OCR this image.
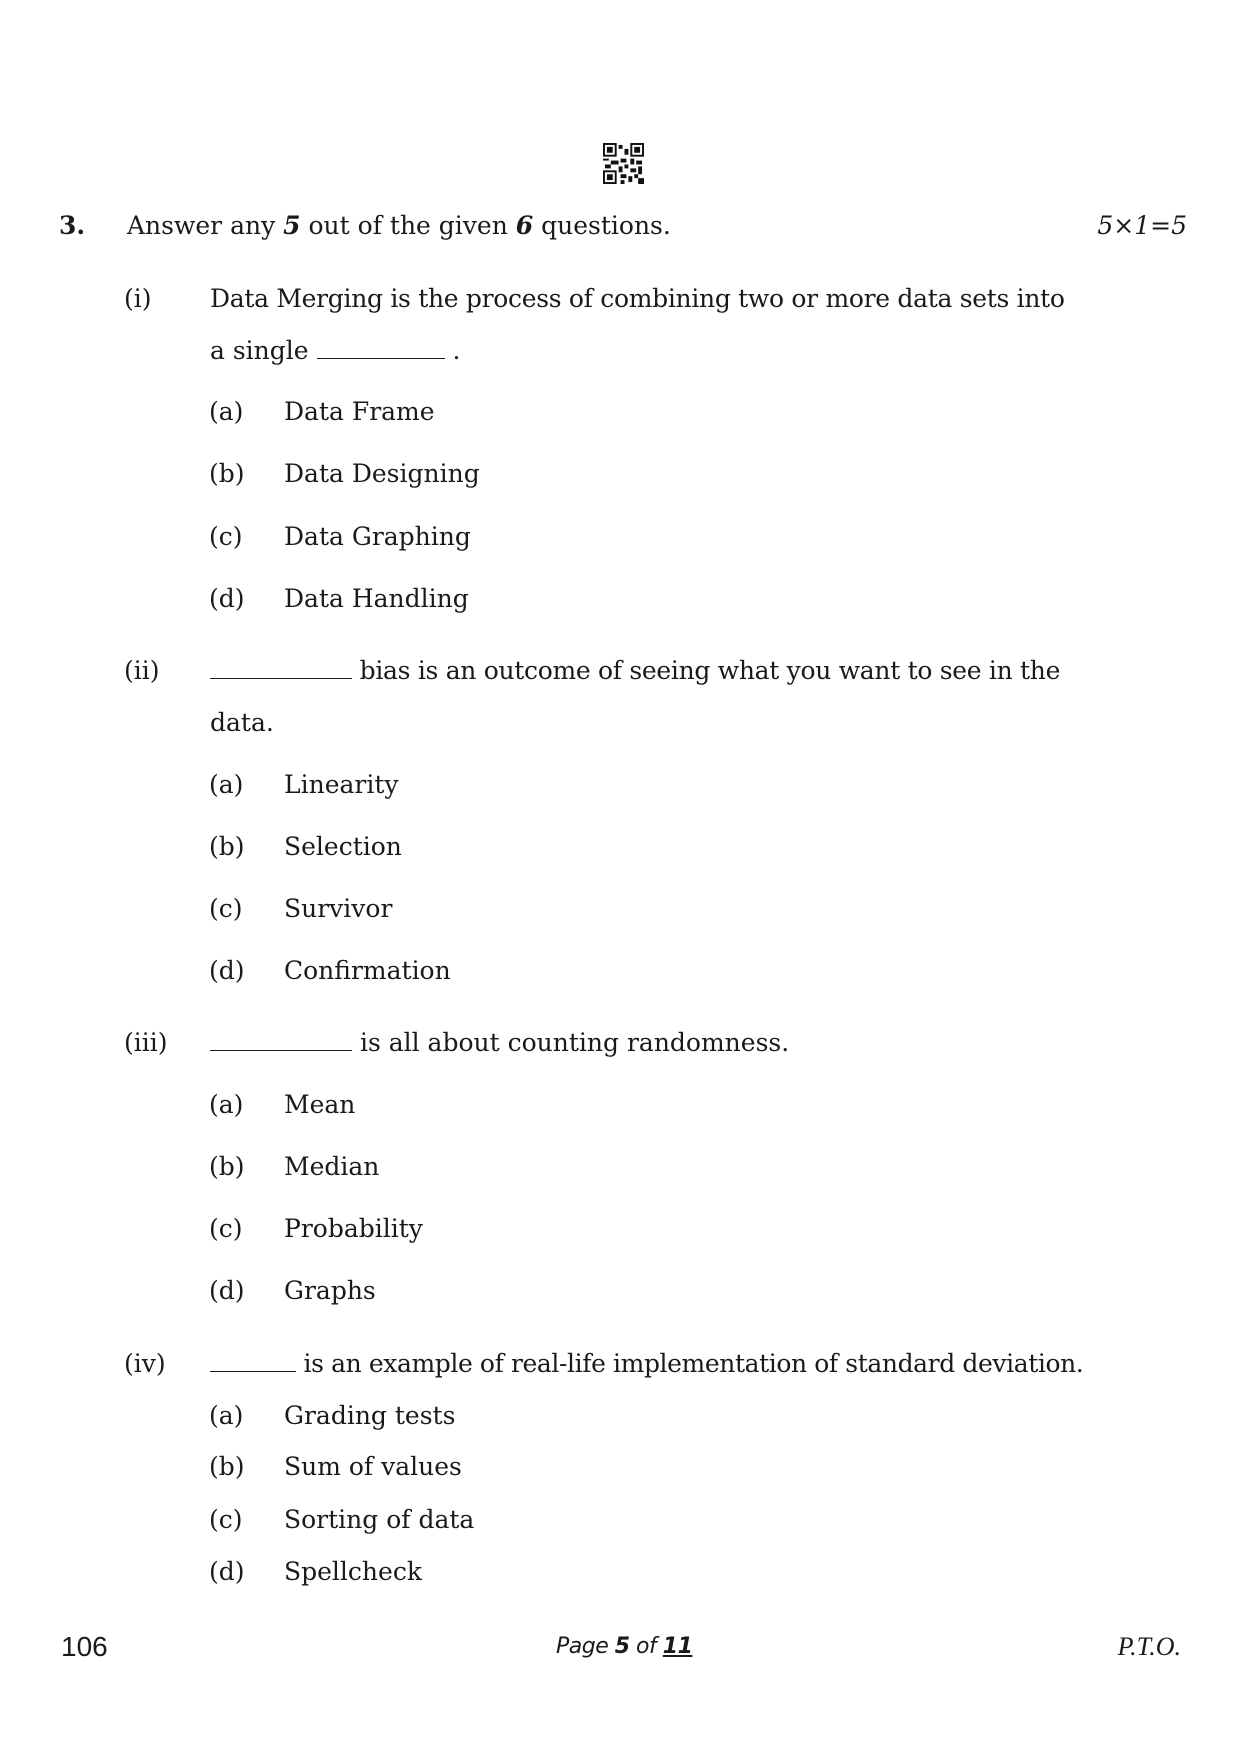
3. Answer any 5 out of the given 6 questions.	5×1=5
(i) Data Merging is the process of combining two or more data sets into
a single	.
(a) Data Frame
(b) Data Designing
(c) Data Graphing
(d) Data Handling
(ii)	bias is an outcome of seeing what you want to see in the
data.
(a) Linearity
(b) Selection
(c) Survivor
(d) Confirmation
(iii)	is all about counting randomness.
(a) Mean
(b) Median
(c) Probability
(d) Graphs
(iv)	is an example of real-life implementation of standard deviation.
(a) Grading tests
(b) Sum of values
(c) Sorting of data
(d) Spellcheck
106	Page 5 of 11	P.T.O.
